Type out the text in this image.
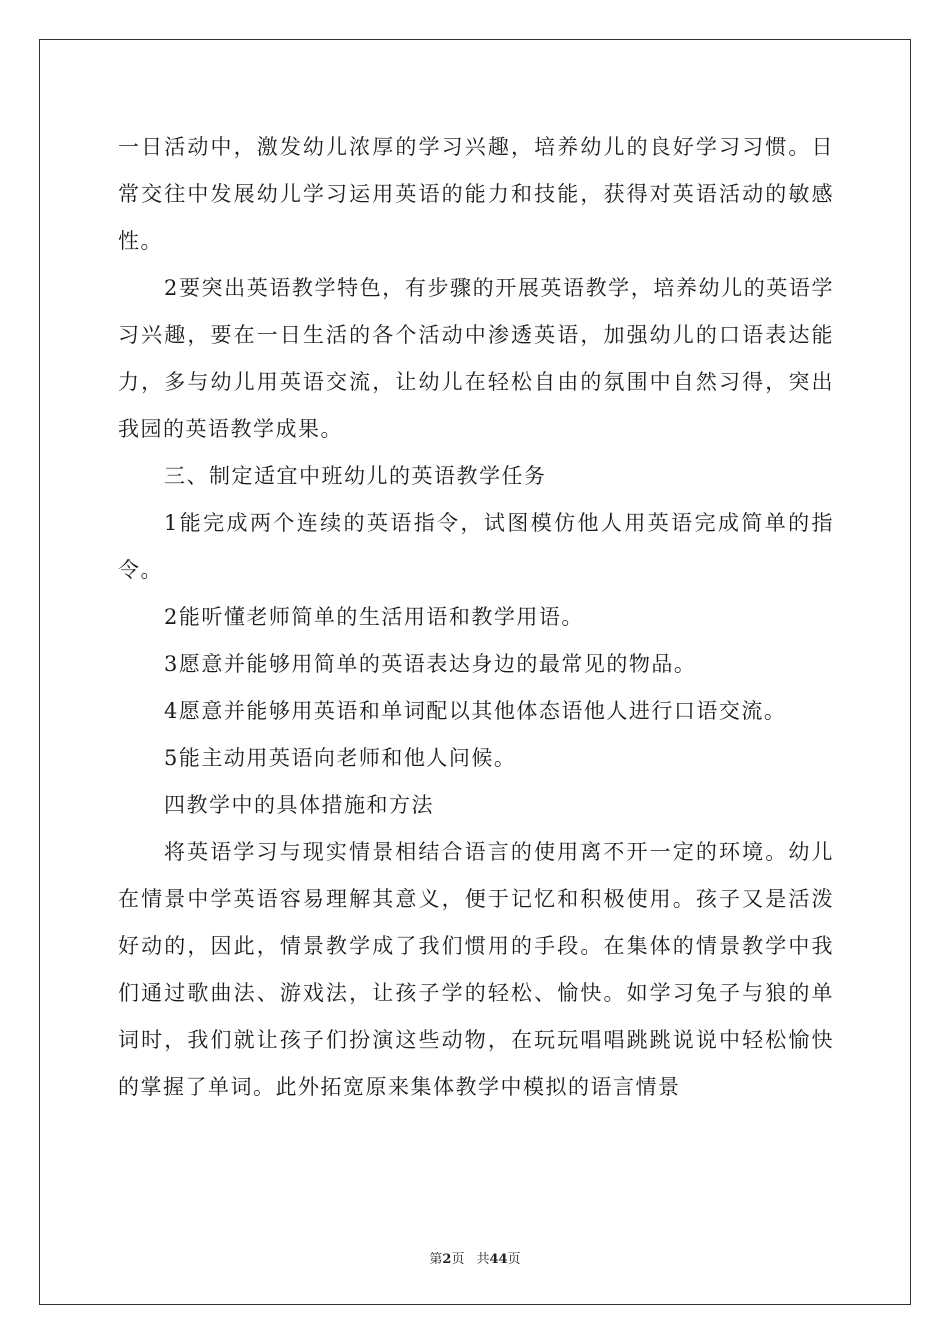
一日活动中，激发幼儿浓厚的学习兴趣，培养幼儿的良好学习习惯。日常交往中发展幼儿学习运用英语的能力和技能，获得对英语活动的敏感性。

2要突出英语教学特色，有步骤的开展英语教学，培养幼儿的英语学习兴趣，要在一日生活的各个活动中渗透英语，加强幼儿的口语表达能力，多与幼儿用英语交流，让幼儿在轻松自由的氛围中自然习得，突出我园的英语教学成果。

三、制定适宜中班幼儿的英语教学任务

1能完成两个连续的英语指令，试图模仿他人用英语完成简单的指令。

2能听懂老师简单的生活用语和教学用语。

3愿意并能够用简单的英语表达身边的最常见的物品。

4愿意并能够用英语和单词配以其他体态语他人进行口语交流。

5能主动用英语向老师和他人问候。

四教学中的具体措施和方法

将英语学习与现实情景相结合语言的使用离不开一定的环境。幼儿在情景中学英语容易理解其意义，便于记忆和积极使用。孩子又是活泼好动的，因此，情景教学成了我们惯用的手段。在集体的情景教学中我们通过歌曲法、游戏法，让孩子学的轻松、愉快。如学习兔子与狼的单词时，我们就让孩子们扮演这些动物，在玩玩唱唱跳跳说说中轻松愉快的掌握了单词。此外拓宽原来集体教学中模拟的语言情景

第2页 共44页
